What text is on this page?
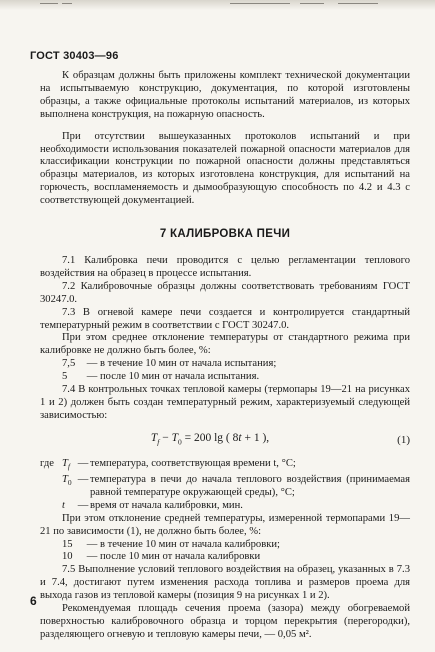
ГОСТ 30403—96

К образцам должны быть приложены комплект технической документации на испытываемую конструкцию, документация, по которой изготовлены образцы, а также официальные протоколы испытаний материалов, из которых выполнена конструкция, на пожарную опасность.

При отсутствии вышеуказанных протоколов испытаний и при необходимости использования показателей пожарной опасности материалов для классификации конструкции по пожарной опасности должны представляться образцы материалов, из которых изготовлена конструкция, для испытаний на горючесть, воспламеняемость и дымообразующую способность по 4.2 и 4.3 с соответствующей документацией.

7 КАЛИБРОВКА ПЕЧИ

7.1 Калибровка печи проводится с целью регламентации теплового воздействия на образец в процессе испытания.

7.2 Калибровочные образцы должны соответствовать требованиям ГОСТ 30247.0.

7.3 В огневой камере печи создается и контролируется стандартный температурный режим в соответствии с ГОСТ 30247.0.

При этом среднее отклонение температуры от стандартного режима при калибровке не должно быть более, %:

7,5	— в течение 10 мин от начала испытания;
5	— после 10 мин от начала испытания.

7.4 В контрольных точках тепловой камеры (термопары 19—21 на рисунках 1 и 2) должен быть создан температурный режим, характеризуемый следующей зависимостью:

$T_f - T_0 = 200$ lg ( 8t + 1 ),	(1)
где $T_f$ — температура, соответствующая времени t, °С;
$T_0$ — температура в печи до начала теплового воздействия (принимаемая равной температуре окружающей среды), °С;
t	— время от начала калибровки, мин.

При этом отклонение средней температуры, измеренной термопарами 19—21 по зависимости (1), не должно быть более, %:

15	— в течение 10 мин от начала калибровки;
10	— после 10 мин от начала калибровки

7.5 Выполнение условий теплового воздействия на образец, указанных в 7.3 и 7.4, достигают путем изменения расхода топлива и размеров проема для выхода газов из тепловой камеры (позиция 9 на рисунках 1 и 2).

Рекомендуемая площадь сечения проема (зазора) между обогреваемой поверхностью калибровочного образца и торцом перекрытия (перегородки), разделяющего огневую и тепловую камеры печи, — 0,05 м².

6
